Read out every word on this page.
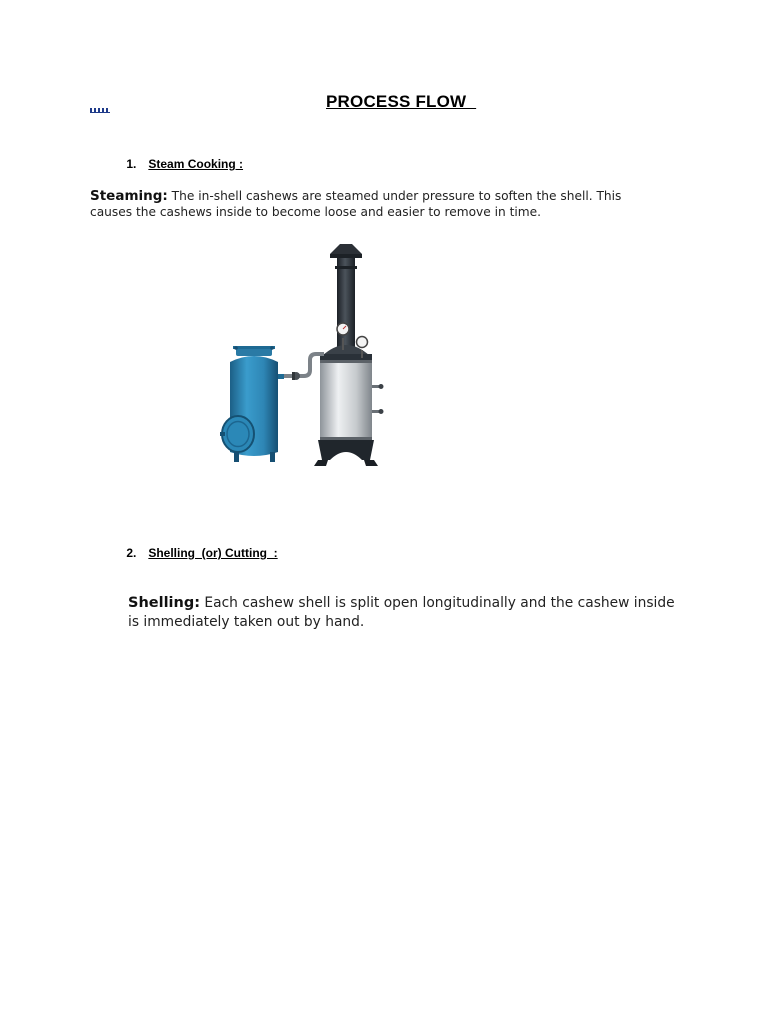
PROCESS FLOW

1. Steam Cooking :

Steaming: The in-shell cashews are steamed under pressure to soften the shell. This causes the cashews inside to become loose and easier to remove in time.

2. Shelling  (or) Cutting  :

Shelling: Each cashew shell is split open longitudinally and the cashew inside is immediately taken out by hand.
